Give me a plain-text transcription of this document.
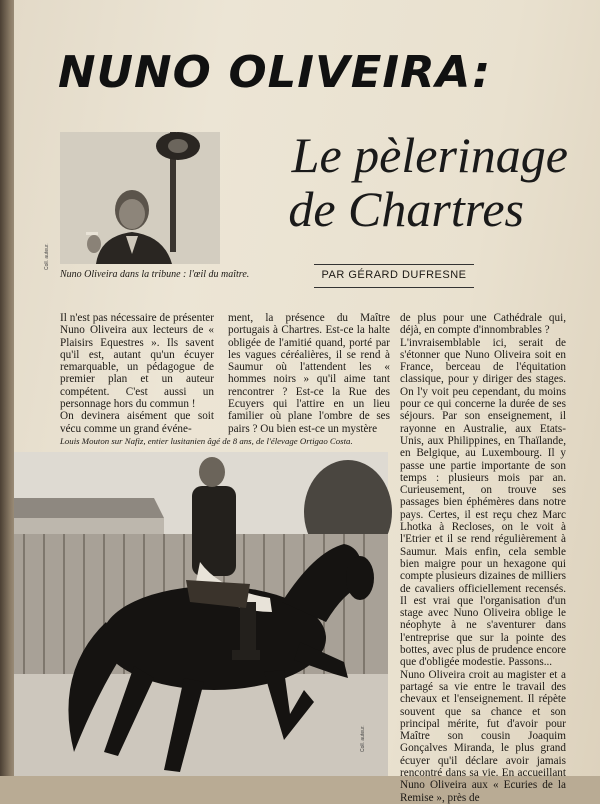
NUNO OLIVEIRA:
Le pèlerinage
de Chartres
PAR GÉRARD DUFRESNE
Coll. auteur.
Nuno Oliveira dans la tribune : l'œil du maître.

Il n'est pas nécessaire de présenter Nuno Oliveira aux lecteurs de « Plaisirs Equestres ». Ils savent qu'il est, autant qu'un écuyer remarquable, un pédagogue de premier plan et un auteur compétent. C'est aussi un personnage hors du commun !

On devinera aisément que soit vécu comme un grand événe-

ment, la présence du Maître portugais à Chartres. Est-ce la halte obligée de l'amitié quand, porté par les vagues céréalières, il se rend à Saumur où l'attendent les « hommes noirs » qu'il aime tant rencontrer ? Est-ce la Rue des Ecuyers qui l'attire en un lieu familier où plane l'ombre de ses pairs ? Ou bien est-ce un mystère

de plus pour une Cathédrale qui, déjà, en compte d'innombrables ?

L'invraisemblable ici, serait de s'étonner que Nuno Oliveira soit en France, berceau de l'équitation classique, pour y diriger des stages. On l'y voit peu cependant, du moins pour ce qui concerne la durée de ses séjours. Par son enseignement, il rayonne en Australie, aux Etats-Unis, aux Philippines, en Thaïlande, en Belgique, au Luxembourg. Il y passe une partie importante de son temps : plusieurs mois par an. Curieusement, on trouve ses passages bien éphémères dans notre pays. Certes, il est reçu chez Marc Lhotka à Recloses, on le voit à l'Etrier et il se rend régulièrement à Saumur. Mais enfin, cela semble bien maigre pour un hexagone qui compte plusieurs dizaines de milliers de cavaliers officiellement recensés. Il est vrai que l'organisation d'un stage avec Nuno Oliveira oblige le néophyte à ne s'aventurer dans l'entreprise que sur la pointe des bottes, avec plus de prudence encore que d'obligée modestie. Passons...

Nuno Oliveira croit au magister et a partagé sa vie entre le travail des chevaux et l'enseignement. Il répète souvent que sa chance et son principal mérite, fut d'avoir pour Maître son cousin Joaquim Gonçalves Miranda, le plus grand écuyer qu'il déclare avoir jamais rencontré dans sa vie. En accueillant Nuno Oliveira aux « Ecuries de la Remise », près de

Louis Mouton sur Nafiz, entier lusitanien âgé de 8 ans, de l'élevage Ortigao Costa.
Coll. auteur.
